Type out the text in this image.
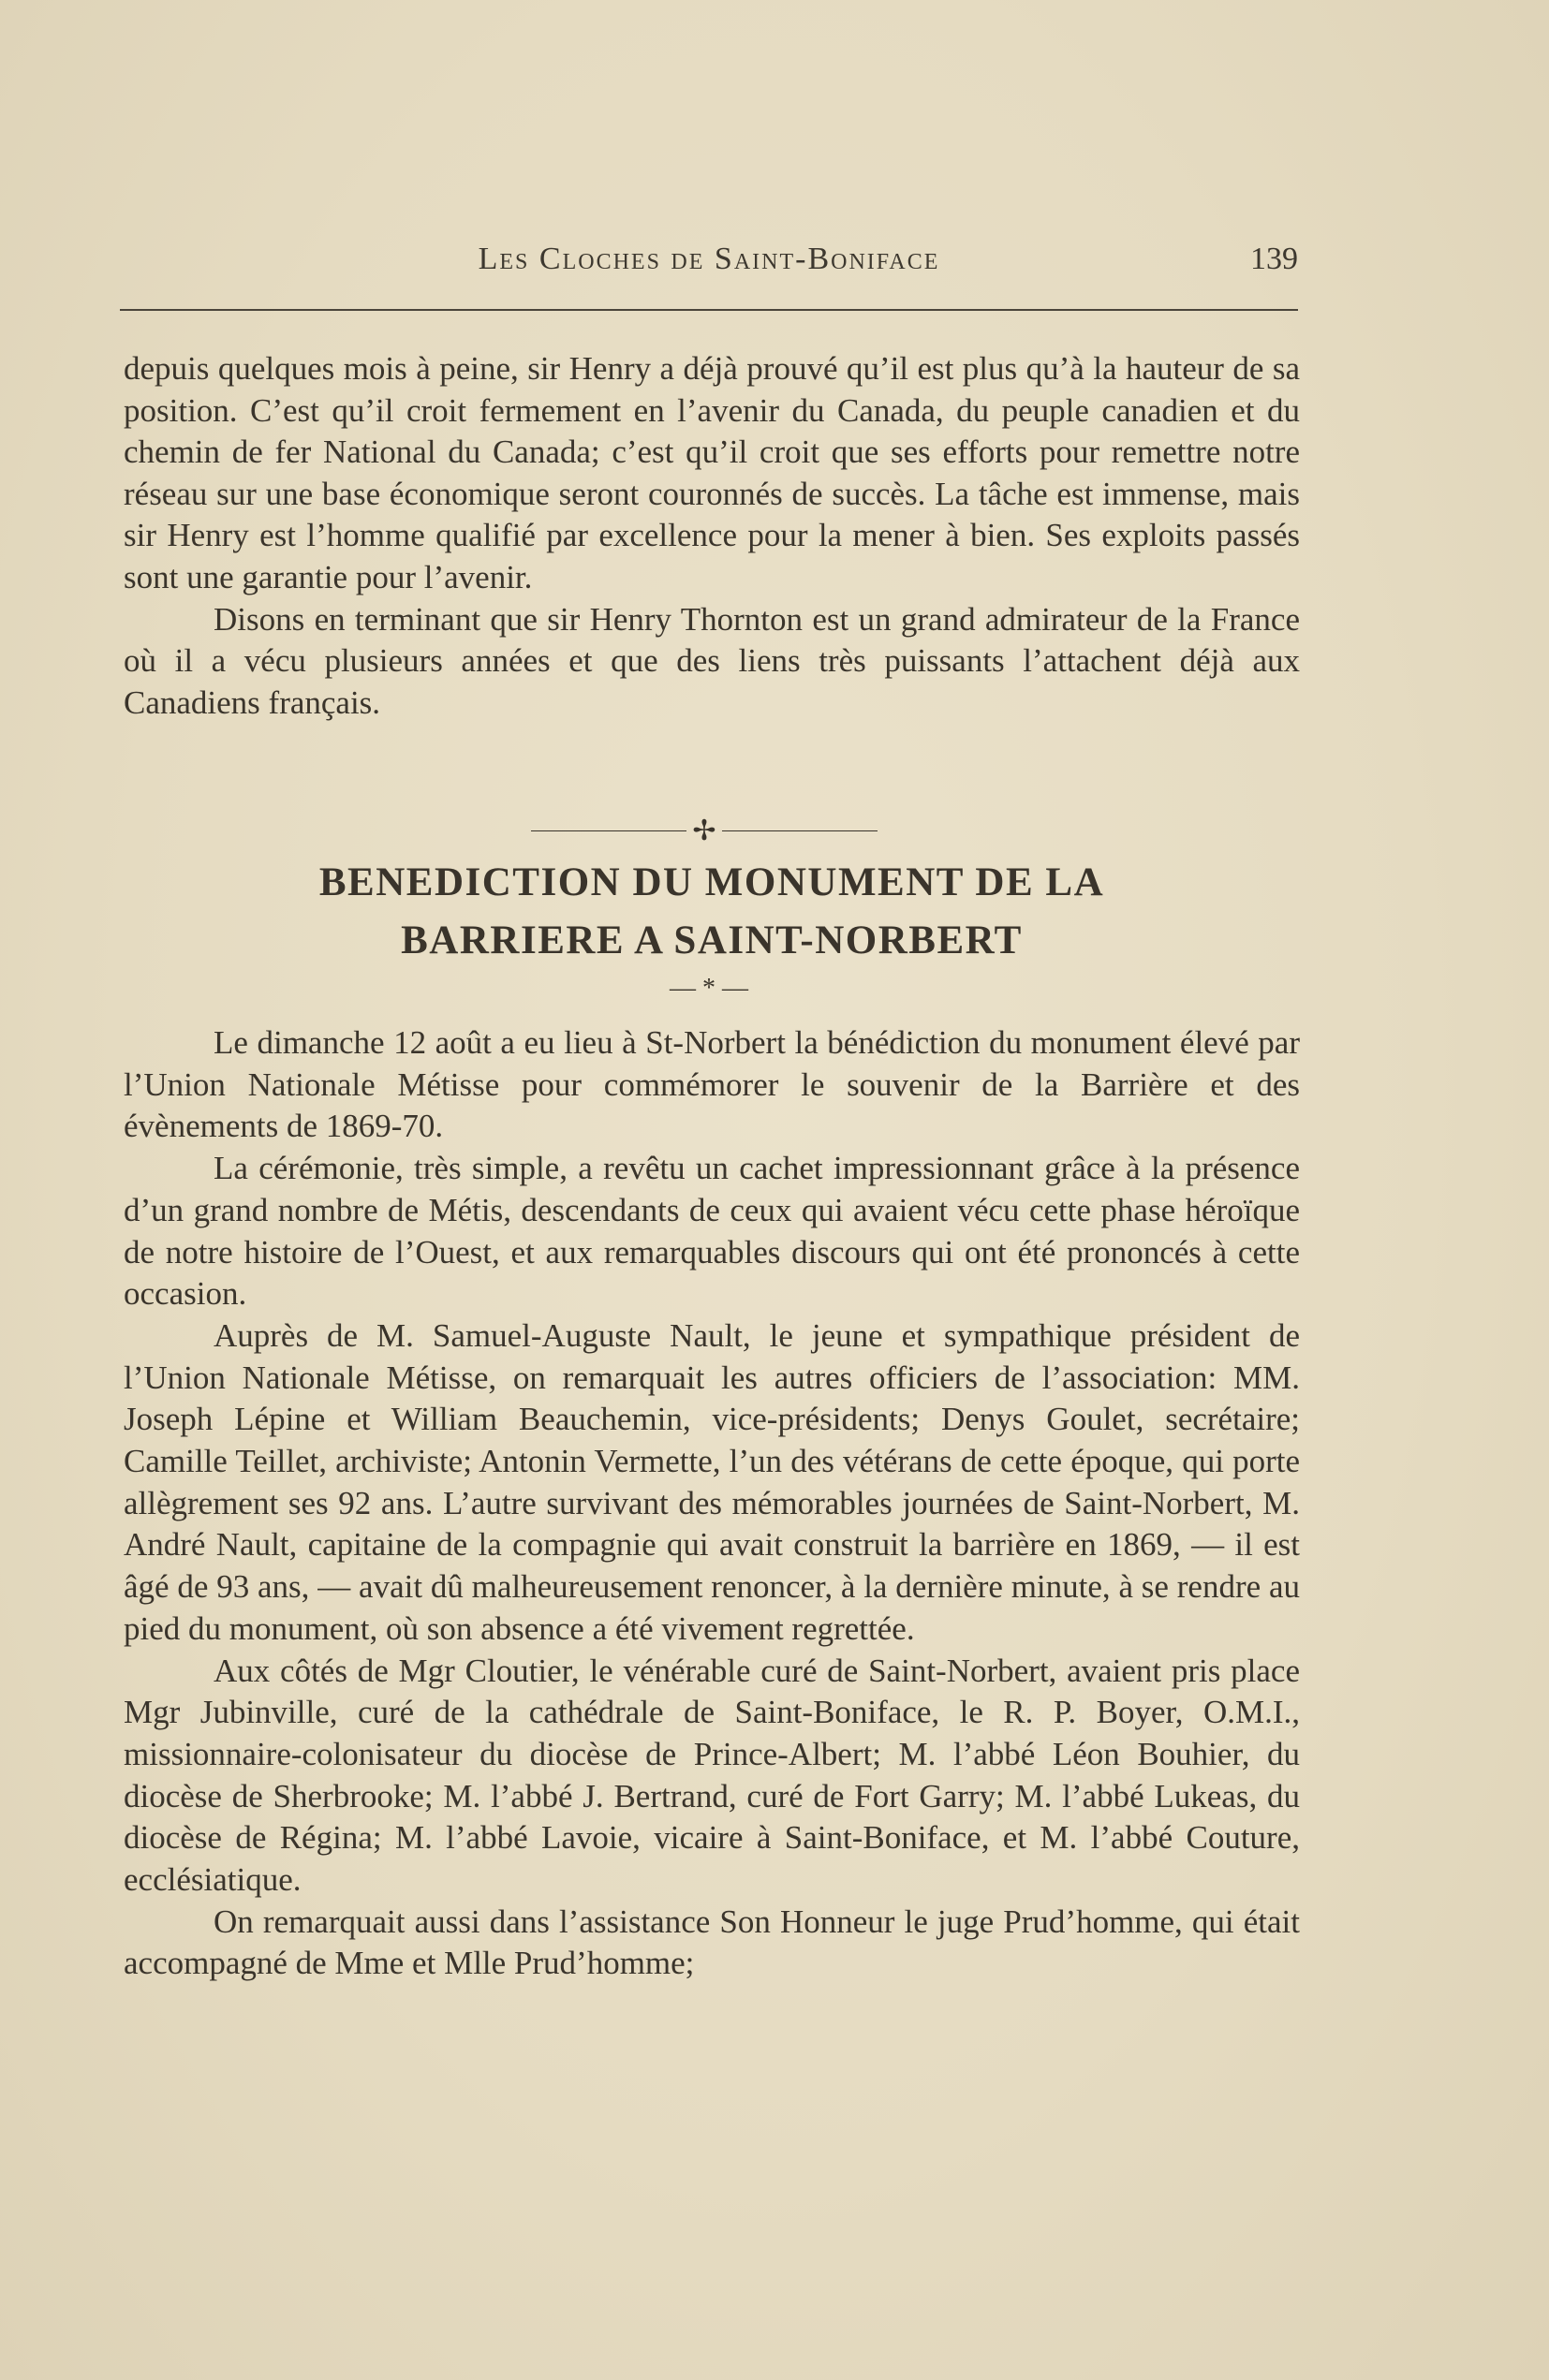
Les Cloches de Saint-Boniface	139

depuis quelques mois à peine, sir Henry a déjà prouvé qu’il est plus qu’à la hauteur de sa position. C’est qu’il croit fermement en l’avenir du Canada, du peuple canadien et du chemin de fer National du Canada; c’est qu’il croit que ses efforts pour remettre notre réseau sur une base économique seront couronnés de succès. La tâche est immense, mais sir Henry est l’homme qualifié par excellence pour la mener à bien. Ses exploits passés sont une garantie pour l’avenir.

Disons en terminant que sir Henry Thornton est un grand admirateur de la France où il a vécu plusieurs années et que des liens très puissants l’attachent déjà aux Canadiens français.

✢
BENEDICTION DU MONUMENT DE LA
BARRIERE A SAINT-NORBERT
— * —

Le dimanche 12 août a eu lieu à St-Norbert la bénédiction du monument élevé par l’Union Nationale Métisse pour commémorer le souvenir de la Barrière et des évènements de 1869-70.

La cérémonie, très simple, a revêtu un cachet impressionnant grâce à la présence d’un grand nombre de Métis, descendants de ceux qui avaient vécu cette phase héroïque de notre histoire de l’Ouest, et aux remarquables discours qui ont été prononcés à cette occasion.

Auprès de M. Samuel-Auguste Nault, le jeune et sympathique président de l’Union Nationale Métisse, on remarquait les autres officiers de l’association: MM. Joseph Lépine et William Beauchemin, vice-présidents; Denys Goulet, secrétaire; Camille Teillet, archiviste; Antonin Vermette, l’un des vétérans de cette époque, qui porte allègrement ses 92 ans. L’autre survivant des mémorables journées de Saint-Norbert, M. André Nault, capitaine de la compagnie qui avait construit la barrière en 1869, — il est âgé de 93 ans, — avait dû malheureusement renoncer, à la dernière minute, à se rendre au pied du monument, où son absence a été vivement regrettée.

Aux côtés de Mgr Cloutier, le vénérable curé de Saint-Norbert, avaient pris place Mgr Jubinville, curé de la cathédrale de Saint-Boniface, le R. P. Boyer, O.M.I., missionnaire-colonisateur du diocèse de Prince-Albert; M. l’abbé Léon Bouhier, du diocèse de Sherbrooke; M. l’abbé J. Bertrand, curé de Fort Garry; M. l’abbé Lukeas, du diocèse de Régina; M. l’abbé Lavoie, vicaire à Saint-Boniface, et M. l’abbé Couture, ecclésiatique.

On remarquait aussi dans l’assistance Son Honneur le juge Prud’homme, qui était accompagné de Mme et Mlle Prud’homme;
